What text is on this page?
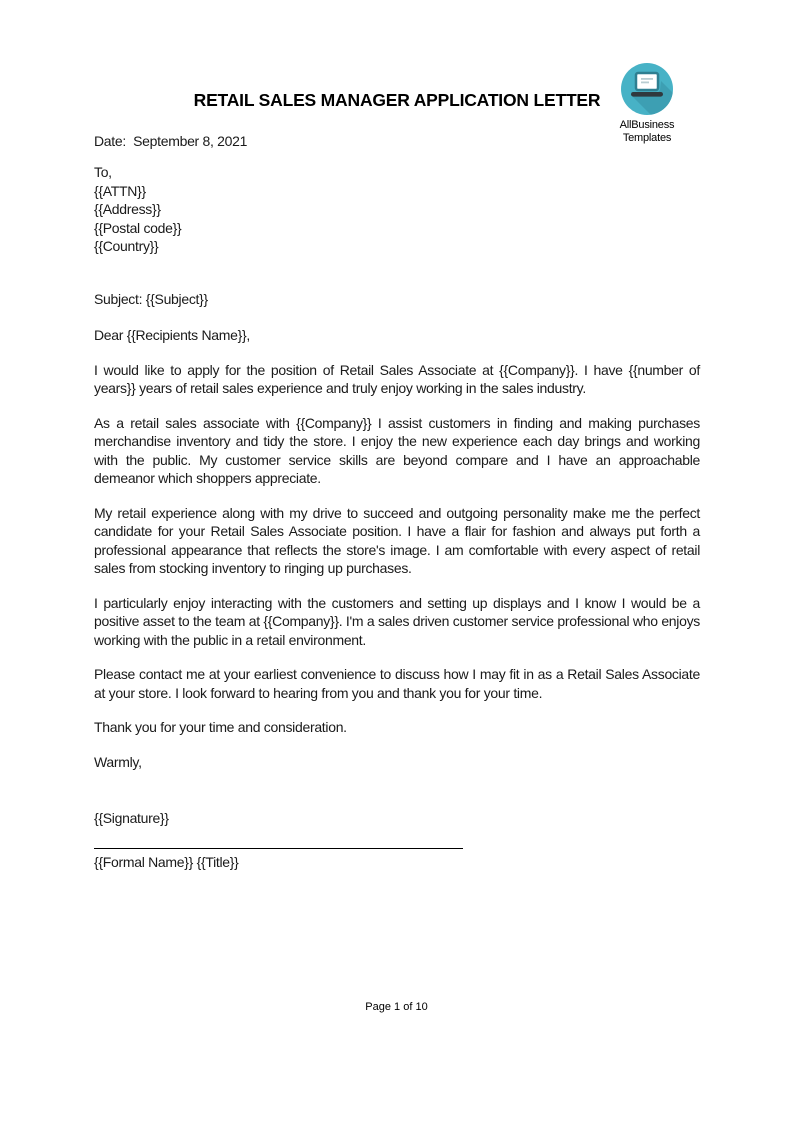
RETAIL SALES MANAGER APPLICATION LETTER
AllBusiness
Templates
Date:  September 8, 2021
To,
{{ATTN}}
{{Address}}
{{Postal code}}
{{Country}}

Subject: {{Subject}}

Dear {{Recipients Name}},

I would like to apply for the position of Retail Sales Associate at {{Company}}. I have {{number of years}} years of retail sales experience and truly enjoy working in the sales industry.

As a retail sales associate with {{Company}} I assist customers in finding and making purchases merchandise inventory and tidy the store. I enjoy the new experience each day brings and working with the public. My customer service skills are beyond compare and I have an approachable demeanor which shoppers appreciate.

My retail experience along with my drive to succeed and outgoing personality make me the perfect candidate for your Retail Sales Associate position. I have a flair for fashion and always put forth a professional appearance that reflects the store's image. I am comfortable with every aspect of retail sales from stocking inventory to ringing up purchases.

I particularly enjoy interacting with the customers and setting up displays and I know I would be a positive asset to the team at {{Company}}. I'm a sales driven customer service professional who enjoys working with the public in a retail environment.

Please contact me at your earliest convenience to discuss how I may fit in as a Retail Sales Associate at your store. I look forward to hearing from you and thank you for your time.

Thank you for your time and consideration.

Warmly,

{{Signature}}

{{Formal Name}} {{Title}}

Page 1 of 10
